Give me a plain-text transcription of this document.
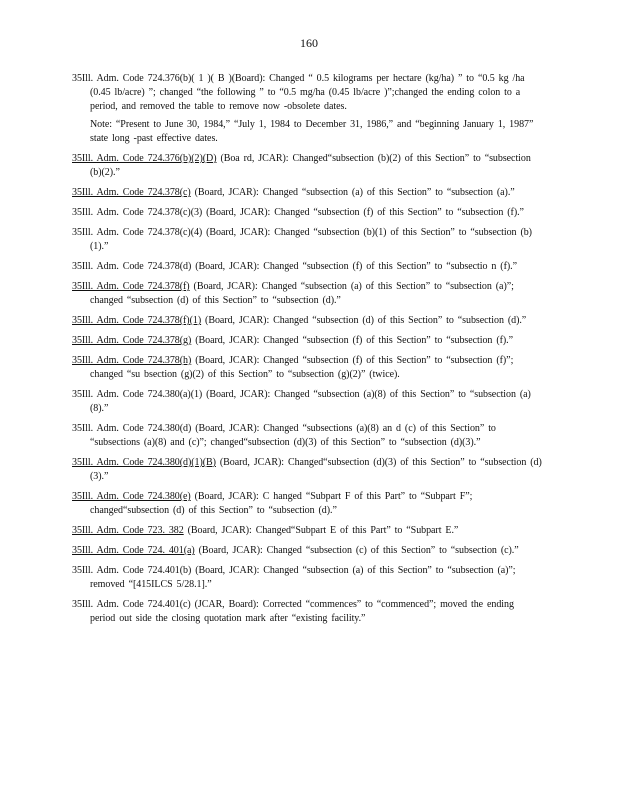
160

35Ill. Adm. Code 724.376(b)( 1 )( B )(Board): Changed “ 0.5 kilograms per hectare (kg/ha) ” to “0.5 kg /ha (0.45 lb/acre) ”; changed “the following ” to “0.5 mg/ha (0.45 lb/acre )”;changed the ending colon to a period, and removed the table to remove now -obsolete dates.

Note: “Present to June 30, 1984,” “July 1, 1984 to December 31, 1986,” and “beginning January 1, 1987” state long -past effective dates.

35Ill. Adm. Code 724.376(b)(2)(D) (Boa rd, JCAR): Changed“subsection (b)(2) of this Section” to “subsection (b)(2).”

35Ill. Adm. Code 724.378(c) (Board, JCAR): Changed “subsection (a) of this Section” to “subsection (a).”

35Ill. Adm. Code 724.378(c)(3) (Board, JCAR): Changed “subsection (f) of this Section” to “subsection (f).”

35Ill. Adm. Code 724.378(c)(4) (Board, JCAR): Changed “subsection (b)(1) of this Section” to “subsection (b)(1).”

35Ill. Adm. Code 724.378(d) (Board, JCAR): Changed “subsection (f) of this Section” to “subsectio n (f).”

35Ill. Adm. Code 724.378(f) (Board, JCAR): Changed “subsection (a) of this Section” to “subsection (a)”; changed “subsection (d) of this Section” to “subsection (d).”

35Ill. Adm. Code 724.378(f)(1) (Board, JCAR): Changed “subsection (d) of this Section” to “subsection (d).”

35Ill. Adm. Code 724.378(g) (Board, JCAR): Changed “subsection (f) of this Section” to “subsection (f).”

35Ill. Adm. Code 724.378(h) (Board, JCAR): Changed “subsection (f) of this Section” to “subsection (f)”; changed “su bsection (g)(2) of this Section” to “subsection (g)(2)” (twice).

35Ill. Adm. Code 724.380(a)(1) (Board, JCAR): Changed “subsection (a)(8) of this Section” to “subsection (a)(8).”

35Ill. Adm. Code 724.380(d) (Board, JCAR): Changed “subsections (a)(8) an d (c) of this Section” to “subsections (a)(8) and (c)”; changed“subsection (d)(3) of this Section” to “subsection (d)(3).”

35Ill. Adm. Code 724.380(d)(1)(B) (Board, JCAR): Changed“subsection (d)(3) of this Section” to “subsection (d)(3).”

35Ill. Adm. Code 724.380(e) (Board, JCAR): C hanged “Subpart F of this Part” to “Subpart F”; changed“subsection (d) of this Section” to “subsection (d).”

35Ill. Adm. Code 723. 382 (Board, JCAR): Changed“Subpart E of this Part” to “Subpart E.”

35Ill. Adm. Code 724. 401(a) (Board, JCAR): Changed “subsection (c) of this Section” to “subsection (c).”

35Ill. Adm. Code 724.401(b) (Board, JCAR): Changed “subsection (a) of this Section” to “subsection (a)”; removed “[415ILCS 5/28.1].”

35Ill. Adm. Code 724.401(c) (JCAR, Board): Corrected “commences” to “commenced”; moved the ending period out side the closing quotation mark after “existing facility.”
